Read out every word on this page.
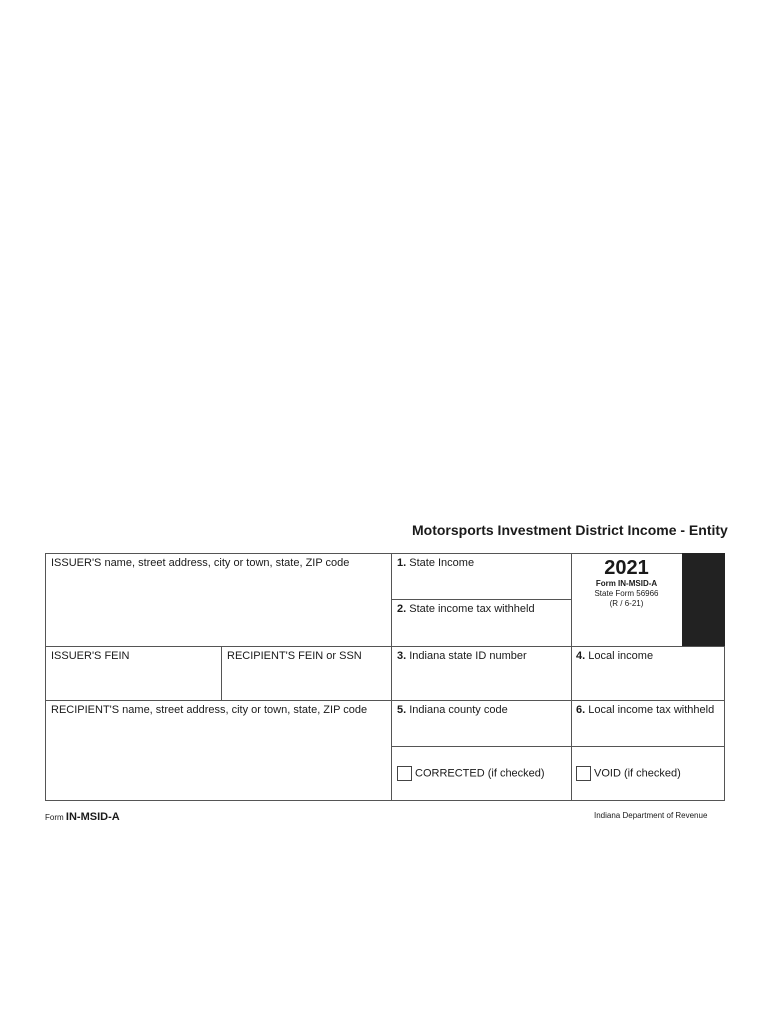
Motorsports Investment District Income - Entity
ISSUER'S name, street address, city or town, state, ZIP code	1. State Income
2. State income tax withheld
2021
Form IN-MSID-A
State Form 56966
(R / 6-21)
ISSUER'S FEIN	RECIPIENT'S FEIN or SSN	3. Indiana state ID number	4. Local income
RECIPIENT'S name, street address, city or town, state, ZIP code	5. Indiana county code	6. Local income tax withheld
CORRECTED (if checked)	VOID (if checked)
Form IN-MSID-A	Indiana Department of Revenue
